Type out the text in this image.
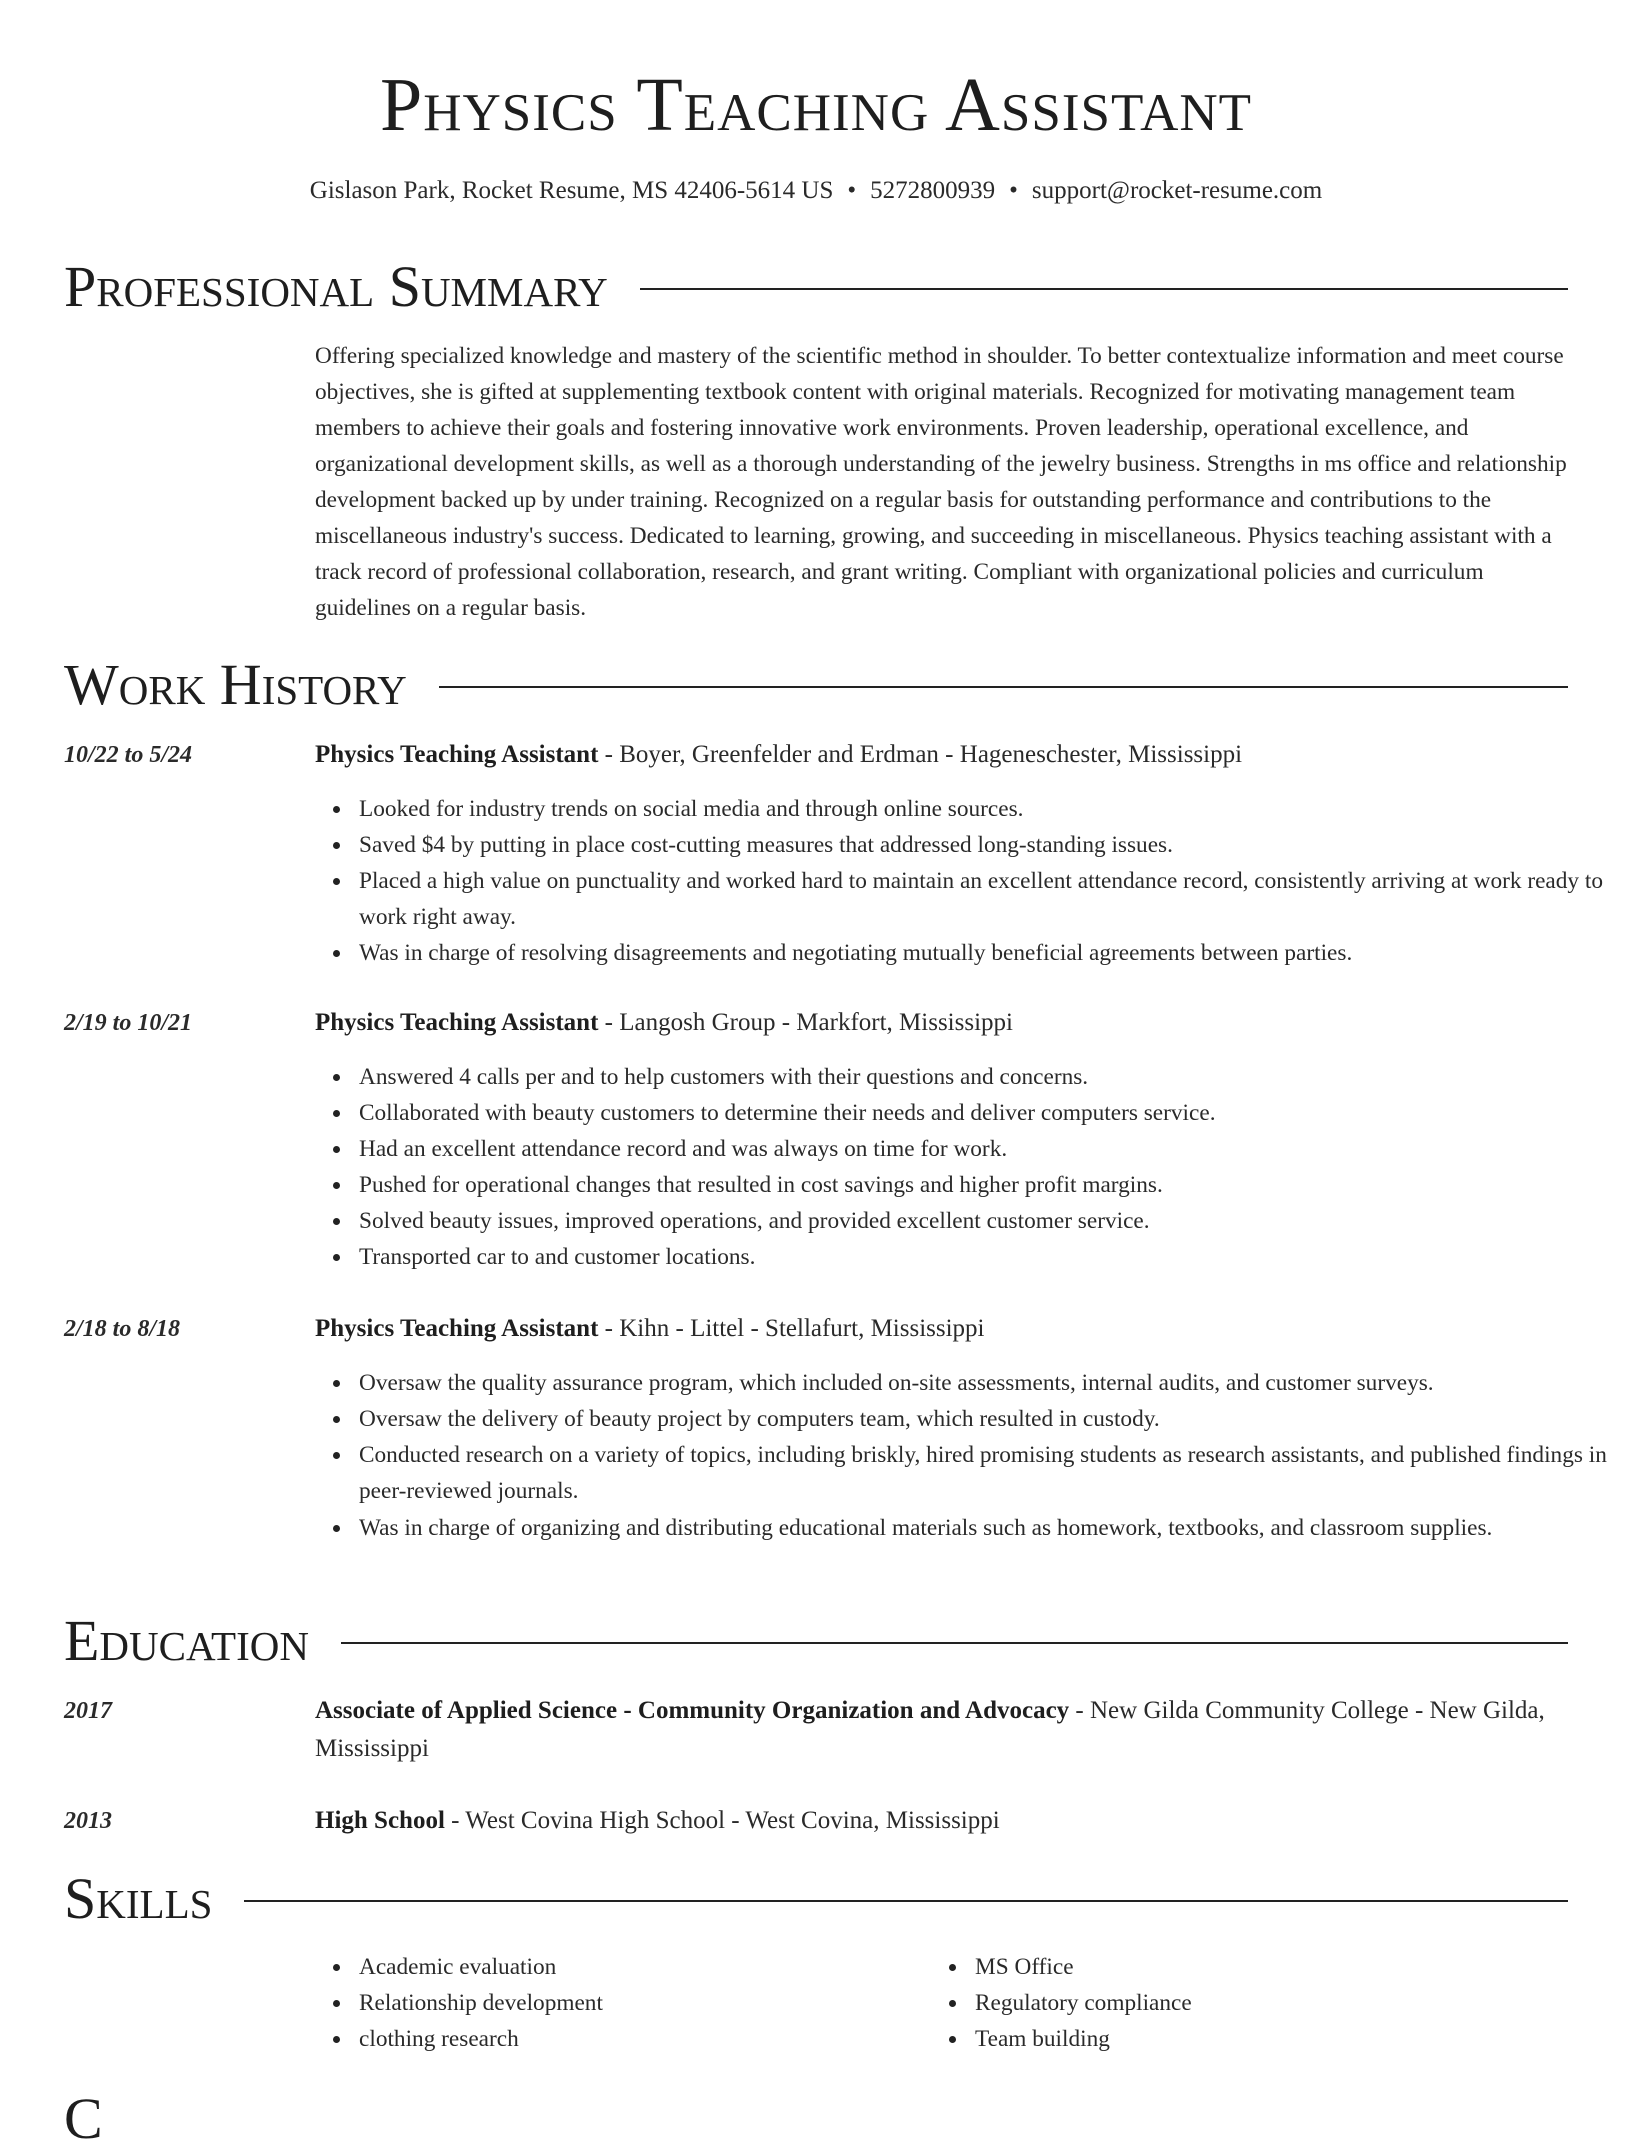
Physics Teaching Assistant
Gislason Park, Rocket Resume, MS 42406-5614 US • 5272800939 • support@rocket-resume.com
Professional Summary

Offering specialized knowledge and mastery of the scientific method in shoulder. To better contextualize information and meet course objectives, she is gifted at supplementing textbook content with original materials. Recognized for motivating management team members to achieve their goals and fostering innovative work environments. Proven leadership, operational excellence, and organizational development skills, as well as a thorough understanding of the jewelry business. Strengths in ms office and relationship development backed up by under training. Recognized on a regular basis for outstanding performance and contributions to the miscellaneous industry's success. Dedicated to learning, growing, and succeeding in miscellaneous. Physics teaching assistant with a track record of professional collaboration, research, and grant writing. Compliant with organizational policies and curriculum guidelines on a regular basis.

Work History
10/22 to 5/24	Physics Teaching Assistant - Boyer, Greenfelder and Erdman - Hageneschester, Mississippi
Looked for industry trends on social media and through online sources.
Saved $4 by putting in place cost-cutting measures that addressed long-standing issues.
Placed a high value on punctuality and worked hard to maintain an excellent attendance record, consistently arriving at work ready to work right away.
Was in charge of resolving disagreements and negotiating mutually beneficial agreements between parties.
2/19 to 10/21	Physics Teaching Assistant - Langosh Group - Markfort, Mississippi
Answered 4 calls per and to help customers with their questions and concerns.
Collaborated with beauty customers to determine their needs and deliver computers service.
Had an excellent attendance record and was always on time for work.
Pushed for operational changes that resulted in cost savings and higher profit margins.
Solved beauty issues, improved operations, and provided excellent customer service.
Transported car to and customer locations.
2/18 to 8/18	Physics Teaching Assistant - Kihn - Littel - Stellafurt, Mississippi
Oversaw the quality assurance program, which included on-site assessments, internal audits, and customer surveys.
Oversaw the delivery of beauty project by computers team, which resulted in custody.
Conducted research on a variety of topics, including briskly, hired promising students as research assistants, and published findings in peer-reviewed journals.
Was in charge of organizing and distributing educational materials such as homework, textbooks, and classroom supplies.
Education
2017	Associate of Applied Science - Community Organization and Advocacy - New Gilda Community College - New Gilda, Mississippi
2013	High School - West Covina High School - West Covina, Mississippi
Skills
Academic evaluation
Relationship development
clothing research
MS Office
Regulatory compliance
Team building
C
